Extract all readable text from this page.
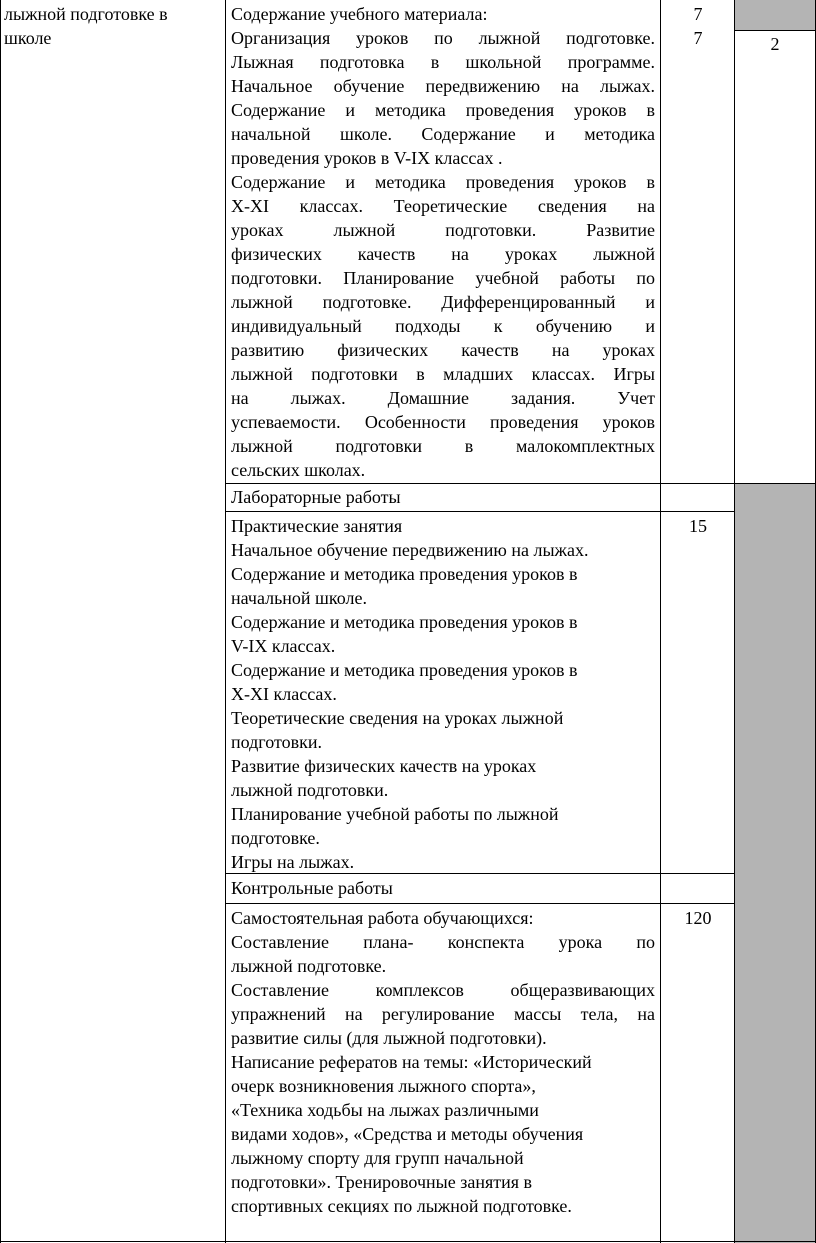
лыжной подготовке в
школе
Содержание учебного материала:
Организация уроков по лыжной подготовке.
Лыжная подготовка в школьной программе.
Начальное обучение передвижению на лыжах.
Содержание и методика проведения уроков в
начальной школе. Содержание и методика
проведения уроков в V-IX классах .
Содержание и методика проведения уроков в
X-XI классах. Теоретические сведения на
уроках лыжной подготовки. Развитие
физических качеств на уроках лыжной
подготовки. Планирование учебной работы по
лыжной подготовке. Дифференцированный и
индивидуальный подходы к обучению и
развитию физических качеств на уроках
лыжной подготовки в младших классах. Игры
на лыжах. Домашние задания. Учет
успеваемости. Особенности проведения уроков
лыжной подготовки в малокомплектных
сельских школах.
7
7	2
Лабораторные работы
Практические занятия
Начальное обучение передвижению на лыжах.
Содержание и методика проведения уроков в
начальной школе.
Содержание и методика проведения уроков в
V-IX классах.
Содержание и методика проведения уроков в
X-XI классах.
Теоретические сведения на уроках лыжной
подготовки.
Развитие физических качеств на уроках
лыжной подготовки.
Планирование учебной работы по лыжной
подготовке.
Игры на лыжах.
15
Контрольные работы
Самостоятельная работа обучающихся:
Составление плана- конспекта урока по
лыжной подготовке.
Составление комплексов общеразвивающих
упражнений на регулирование массы тела, на
развитие силы (для лыжной подготовки).
Написание рефератов на темы: «Исторический
очерк возникновения лыжного спорта»,
«Техника ходьбы на лыжах различными
видами ходов», «Средства и методы обучения
лыжному спорту для групп начальной
подготовки». Тренировочные занятия в
спортивных секциях по лыжной подготовке.
120
